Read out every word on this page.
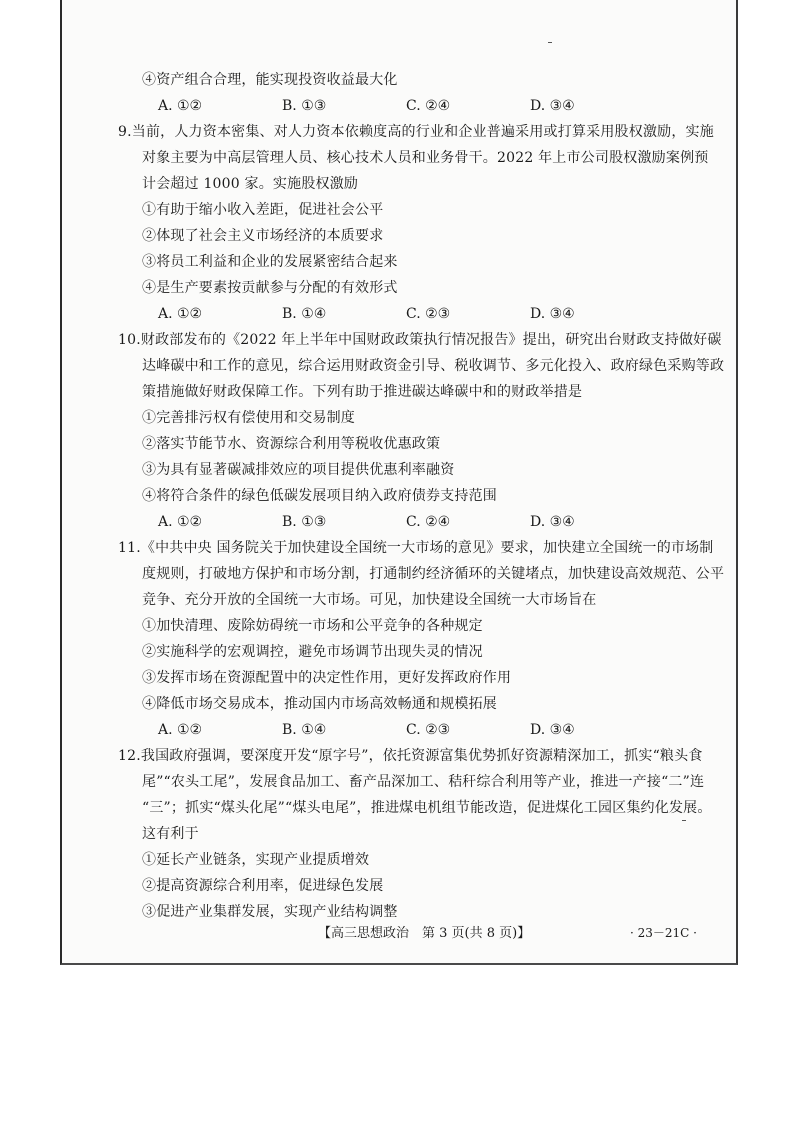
④资产组合合理，能实现投资收益最大化
A. ①②	B. ①③	C. ②④	D. ③④
9.当前，人力资本密集、对人力资本依赖度高的行业和企业普遍采用或打算采用股权激励，实施
对象主要为中高层管理人员、核心技术人员和业务骨干。2022 年上市公司股权激励案例预
计会超过 1000 家。实施股权激励
①有助于缩小收入差距，促进社会公平
②体现了社会主义市场经济的本质要求
③将员工利益和企业的发展紧密结合起来
④是生产要素按贡献参与分配的有效形式
A. ①②	B. ①④	C. ②③	D. ③④
10.财政部发布的《2022 年上半年中国财政政策执行情况报告》提出，研究出台财政支持做好碳
达峰碳中和工作的意见，综合运用财政资金引导、税收调节、多元化投入、政府绿色采购等政
策措施做好财政保障工作。下列有助于推进碳达峰碳中和的财政举措是
①完善排污权有偿使用和交易制度
②落实节能节水、资源综合利用等税收优惠政策
③为具有显著碳减排效应的项目提供优惠利率融资
④将符合条件的绿色低碳发展项目纳入政府债券支持范围
A. ①②	B. ①③	C. ②④	D. ③④
11.《中共中央 国务院关于加快建设全国统一大市场的意见》要求，加快建立全国统一的市场制
度规则，打破地方保护和市场分割，打通制约经济循环的关键堵点，加快建设高效规范、公平
竞争、充分开放的全国统一大市场。可见，加快建设全国统一大市场旨在
①加快清理、废除妨碍统一市场和公平竞争的各种规定
②实施科学的宏观调控，避免市场调节出现失灵的情况
③发挥市场在资源配置中的决定性作用，更好发挥政府作用
④降低市场交易成本，推动国内市场高效畅通和规模拓展
A. ①②	B. ①④	C. ②③	D. ③④
12.我国政府强调，要深度开发“原字号”，依托资源富集优势抓好资源精深加工，抓实“粮头食
尾”“农头工尾”，发展食品加工、畜产品深加工、秸秆综合利用等产业，推进一产接“二”连
“三”；抓实“煤头化尾”“煤头电尾”，推进煤电机组节能改造，促进煤化工园区集约化发展。
这有利于
①延长产业链条，实现产业提质增效
②提高资源综合利用率，促进绿色发展
③促进产业集群发展，实现产业结构调整
【高三思想政治　第 3 页(共 8 页)】	· 23－21C ·
